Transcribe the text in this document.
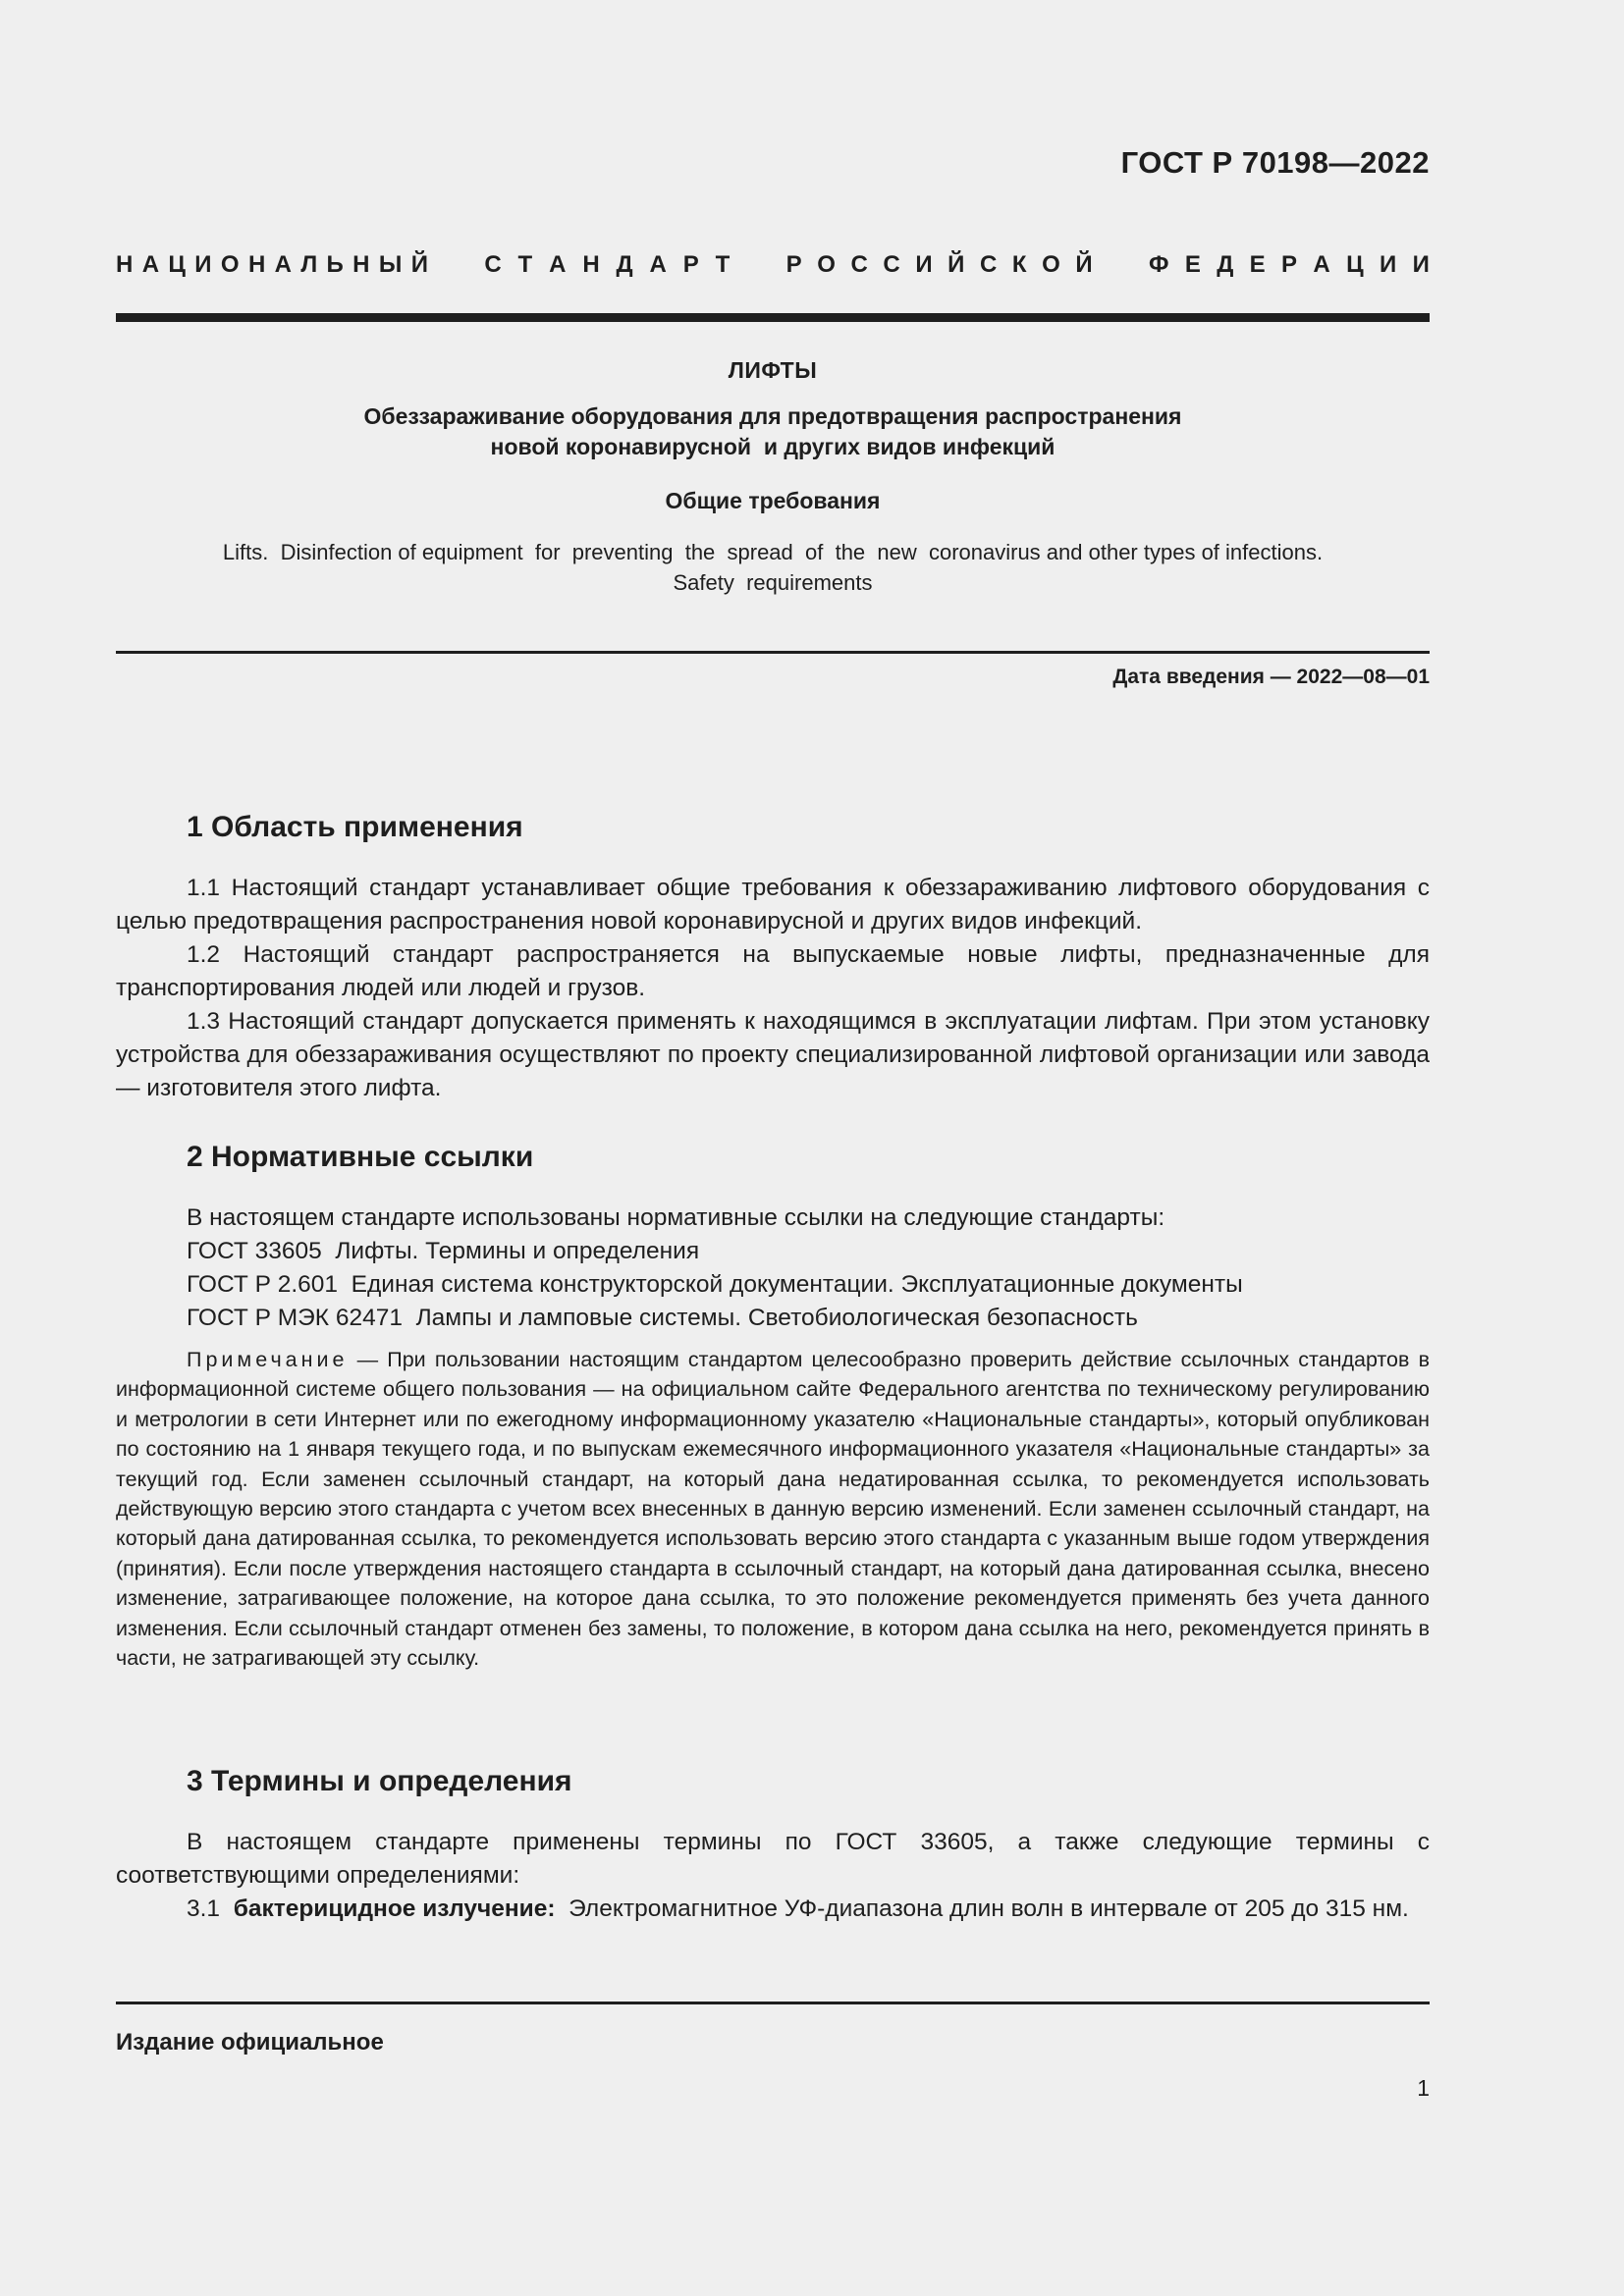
ГОСТ Р 70198—2022
Н А Ц И О Н А Л Ь Н Ы Й С Т А Н Д А Р Т Р О С С И Й С К О Й Ф Е Д Е Р А Ц И И
ЛИФТЫ
Обеззараживание оборудования для предотвращения распространения
новой коронавирусной  и других видов инфекций
Общие требования
Lifts.  Disinfection of equipment  for  preventing  the  spread  of  the  new  coronavirus and other types of infections.
Safety  requirements
Дата введения — 2022—08—01
1 Область применения

1.1 Настоящий стандарт устанавливает общие требования к обеззараживанию лифтового оборудования с целью предотвращения распространения новой коронавирусной и других видов инфекций.

1.2 Настоящий стандарт распространяется на выпускаемые новые лифты, предназначенные для транспортирования людей или людей и грузов.

1.3 Настоящий стандарт допускается применять к находящимся в эксплуатации лифтам. При этом установку устройства для обеззараживания осуществляют по проекту специализированной лифтовой организации или завода — изготовителя этого лифта.

2 Нормативные ссылки

В настоящем стандарте использованы нормативные ссылки на следующие стандарты:

ГОСТ 33605  Лифты. Термины и определения

ГОСТ Р 2.601  Единая система конструкторской документации. Эксплуатационные документы

ГОСТ Р МЭК 62471  Лампы и ламповые системы. Светобиологическая безопасность

Примечание — При пользовании настоящим стандартом целесообразно проверить действие ссылочных стандартов в информационной системе общего пользования — на официальном сайте Федерального агентства по техническому регулированию и метрологии в сети Интернет или по ежегодному информационному указателю «Национальные стандарты», который опубликован по состоянию на 1 января текущего года, и по выпускам ежемесячного информационного указателя «Национальные стандарты» за текущий год. Если заменен ссылочный стандарт, на который дана недатированная ссылка, то рекомендуется использовать действующую версию этого стандарта с учетом всех внесенных в данную версию изменений. Если заменен ссылочный стандарт, на который дана датированная ссылка, то рекомендуется использовать версию этого стандарта с указанным выше годом утверждения (принятия). Если после утверждения настоящего стандарта в ссылочный стандарт, на который дана датированная ссылка, внесено изменение, затрагивающее положение, на которое дана ссылка, то это положение рекомендуется применять без учета данного изменения. Если ссылочный стандарт отменен без замены, то положение, в котором дана ссылка на него, рекомендуется принять в части, не затрагивающей эту ссылку.
3 Термины и определения

В настоящем стандарте применены термины по ГОСТ 33605, а также следующие термины с соответствующими определениями:

3.1 бактерицидное излучение: Электромагнитное УФ-диапазона длин волн в интервале от 205 до 315 нм.

Издание официальное
1
